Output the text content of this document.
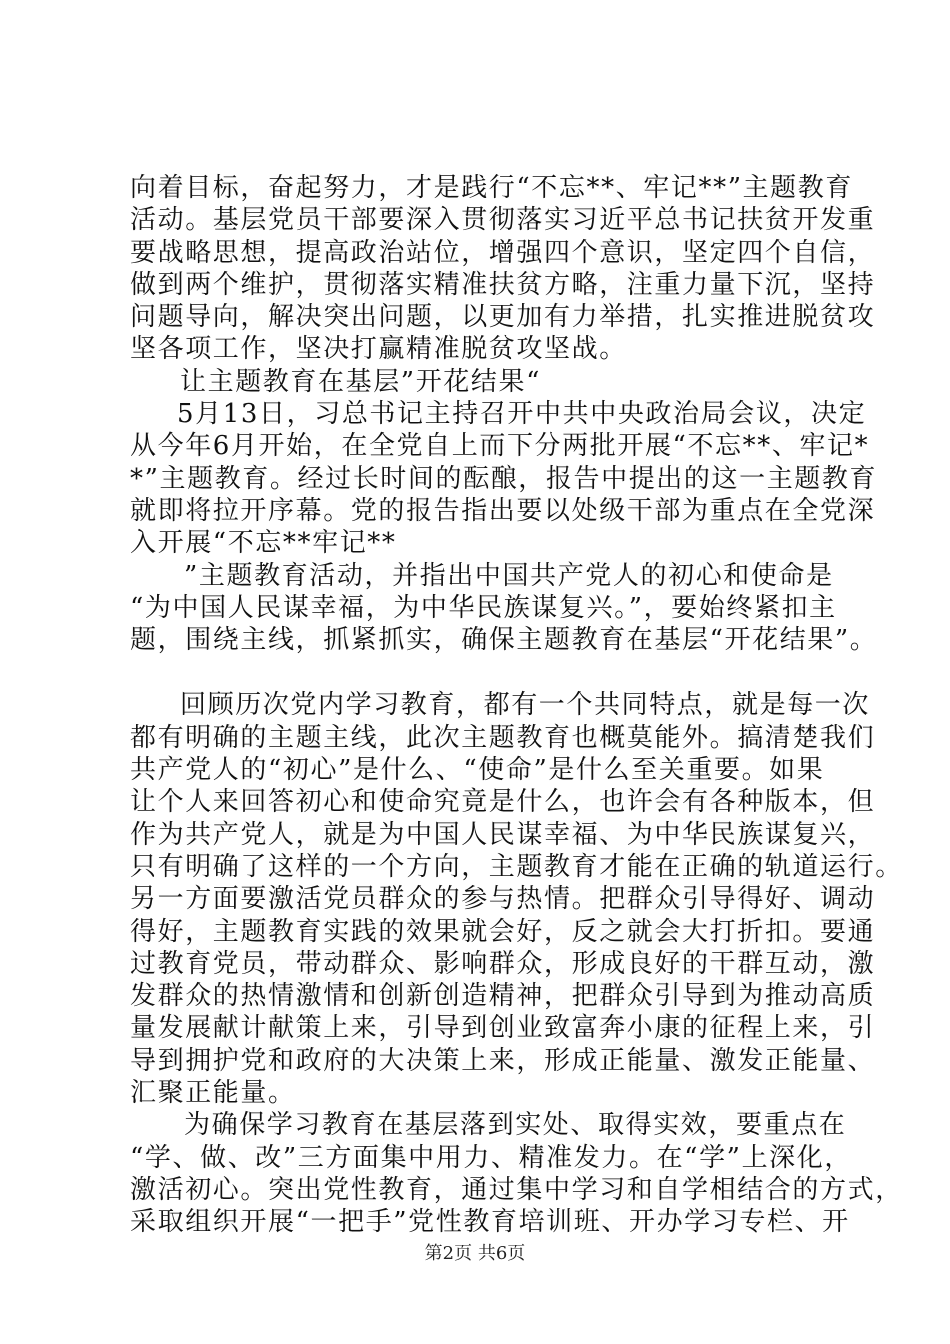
向着目标，奋起努力，才是践行“不忘**、牢记**”主题教育
活动。基层党员干部要深入贯彻落实习近平总书记扶贫开发重
要战略思想，提高政治站位，增强四个意识，坚定四个自信，
做到两个维护，贯彻落实精准扶贫方略，注重力量下沉，坚持
问题导向，解决突出问题，以更加有力举措，扎实推进脱贫攻
坚各项工作，坚决打赢精准脱贫攻坚战。
让主题教育在基层”开花结果“
5月13日，习总书记主持召开中共中央政治局会议，决定
从今年6月开始，在全党自上而下分两批开展“不忘**、牢记*
*”主题教育。经过长时间的酝酿，报告中提出的这一主题教育
就即将拉开序幕。党的报告指出要以处级干部为重点在全党深
入开展“不忘**牢记**
”主题教育活动，并指出中国共产党人的初心和使命是
“为中国人民谋幸福，为中华民族谋复兴。”，要始终紧扣主
题，围绕主线，抓紧抓实，确保主题教育在基层“开花结果”。
回顾历次党内学习教育，都有一个共同特点，就是每一次
都有明确的主题主线，此次主题教育也概莫能外。搞清楚我们
共产党人的“初心”是什么、“使命”是什么至关重要。如果
让个人来回答初心和使命究竟是什么，也许会有各种版本，但
作为共产党人，就是为中国人民谋幸福、为中华民族谋复兴，
只有明确了这样的一个方向，主题教育才能在正确的轨道运行。
另一方面要激活党员群众的参与热情。把群众引导得好、调动
得好，主题教育实践的效果就会好，反之就会大打折扣。要通
过教育党员，带动群众、影响群众，形成良好的干群互动，激
发群众的热情激情和创新创造精神，把群众引导到为推动高质
量发展献计献策上来，引导到创业致富奔小康的征程上来，引
导到拥护党和政府的大决策上来，形成正能量、激发正能量、
汇聚正能量。
为确保学习教育在基层落到实处、取得实效，要重点在
“学、做、改”三方面集中用力、精准发力。在“学”上深化，
激活初心。突出党性教育，通过集中学习和自学相结合的方式，
采取组织开展“一把手”党性教育培训班、开办学习专栏、开
第2页 共6页
